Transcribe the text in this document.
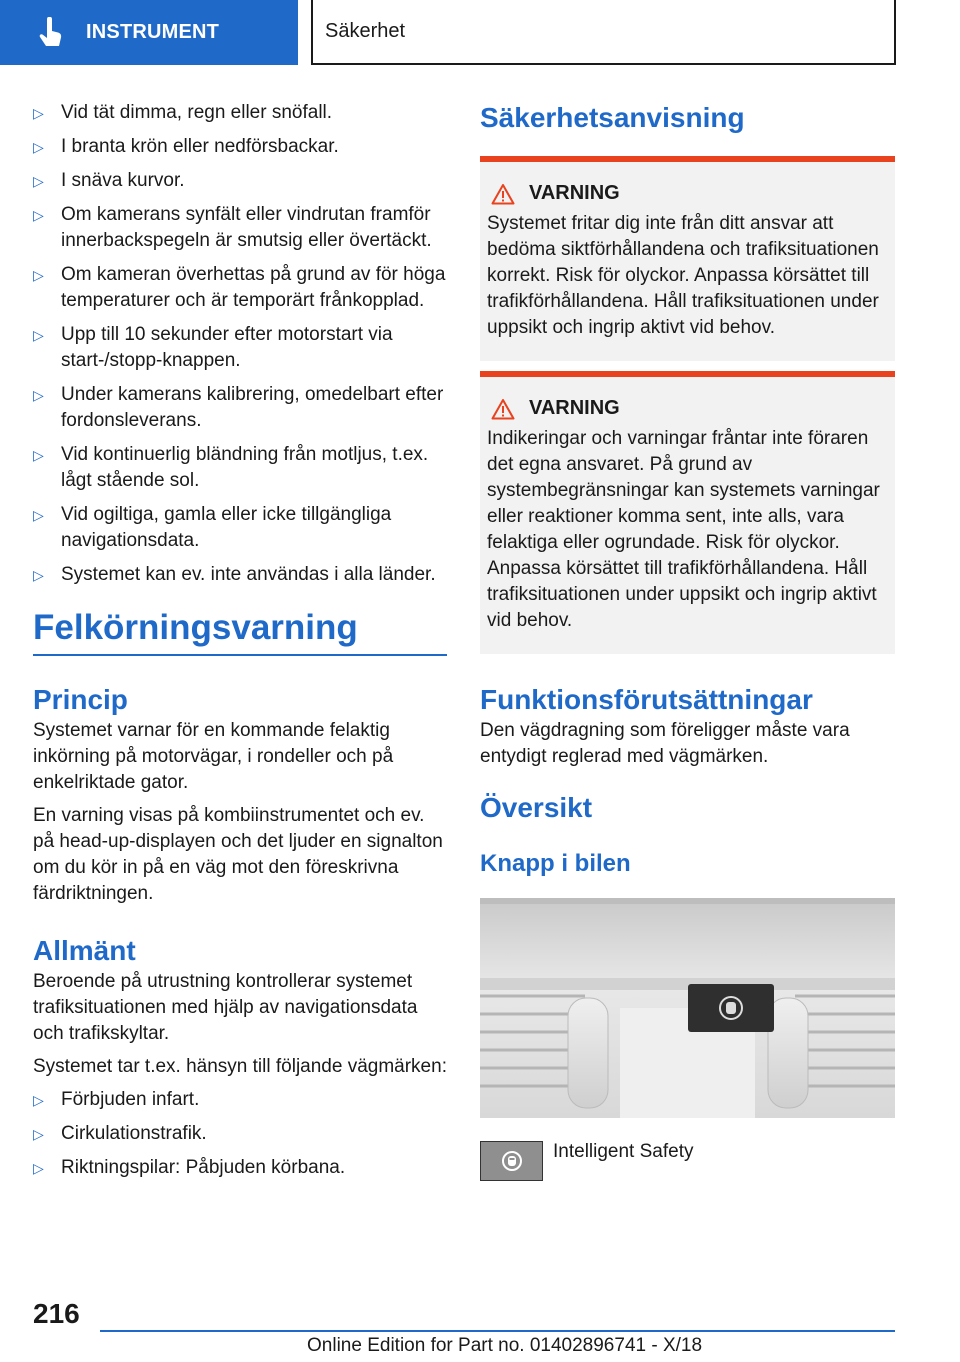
INSTRUMENT	Säkerhet
▷ Vid tät dimma, regn eller snöfall.
▷ I branta krön eller nedförsbackar.
▷ I snäva kurvor.
▷ Om kamerans synfält eller vindrutan framför innerbackspegeln är smutsig eller övertäckt.
▷ Om kameran överhettas på grund av för höga temperaturer och är temporärt frånkopplad.
▷ Upp till 10 sekunder efter motorstart via start-/stopp-knappen.
▷ Under kamerans kalibrering, omedelbart efter fordonsleverans.
▷ Vid kontinuerlig bländning från motljus, t.ex. lågt stående sol.
▷ Vid ogiltiga, gamla eller icke tillgängliga navigationsdata.
▷ Systemet kan ev. inte användas i alla länder.
Felkörningsvarning
Princip

Systemet varnar för en kommande felaktig inkörning på motorvägar, i rondeller och på enkelriktade gator.

En varning visas på kombiinstrumentet och ev. på head-up-displayen och det ljuder en signalton om du kör in på en väg mot den föreskrivna färdriktningen.

Allmänt

Beroende på utrustning kontrollerar systemet trafiksituationen med hjälp av navigationsdata och trafikskyltar.

Systemet tar t.ex. hänsyn till följande vägmärken:

▷ Förbjuden infart.
▷ Cirkulationstrafik.
▷ Riktningspilar: Påbjuden körbana.
Säkerhetsanvisning
VARNING
Systemet fritar dig inte från ditt ansvar att bedöma siktförhållandena och trafiksituationen korrekt. Risk för olyckor. Anpassa körsättet till trafikförhållandena. Håll trafiksituationen under uppsikt och ingrip aktivt vid behov.
VARNING
Indikeringar och varningar fråntar inte föraren det egna ansvaret. På grund av systembegränsningar kan systemets varningar eller reaktioner komma sent, inte alls, vara felaktiga eller ogrundade. Risk för olyckor. Anpassa körsättet till trafikförhållandena. Håll trafiksituationen under uppsikt och ingrip aktivt vid behov.
Funktionsförutsättningar

Den vägdragning som föreligger måste vara entydigt reglerad med vägmärken.

Översikt
Knapp i bilen
Intelligent Safety
216
Online Edition for Part no. 01402896741 - X/18
